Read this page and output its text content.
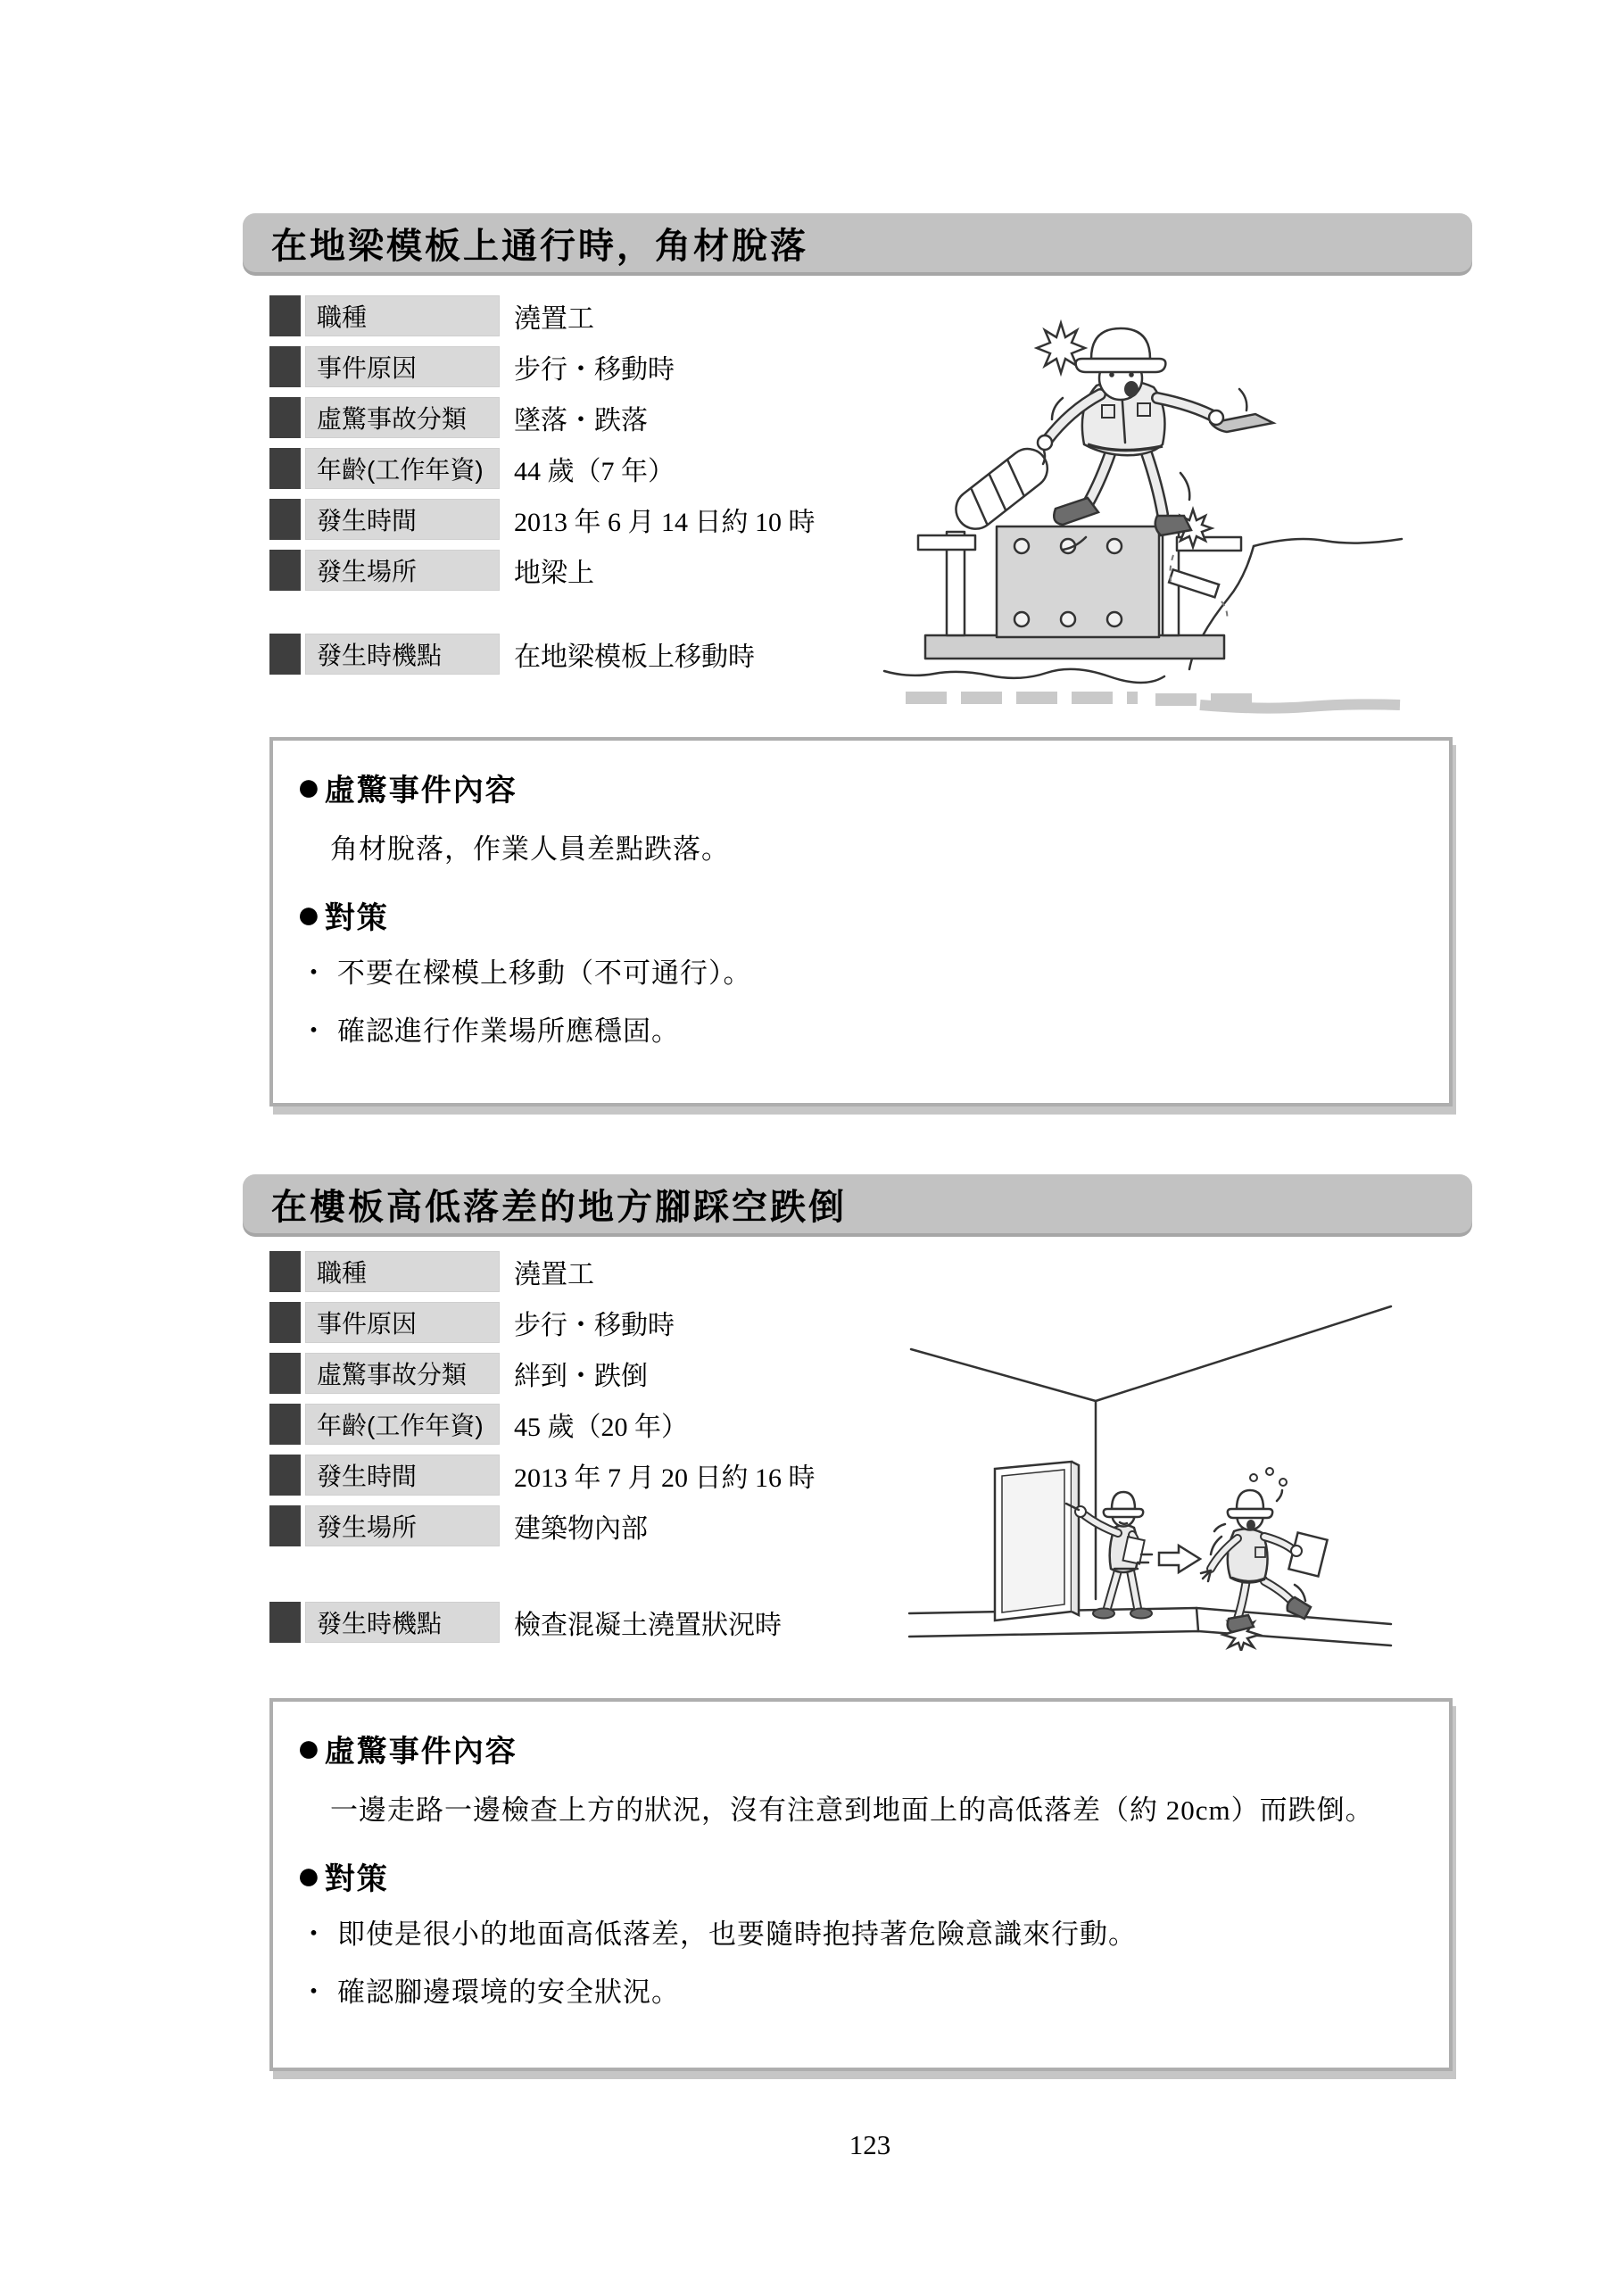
在地梁模板上通行時，角材脫落
職種	澆置工
事件原因	步行・移動時
虛驚事故分類	墜落・跌落
年齡(工作年資)	44 歲（7 年）
發生時間	2013 年 6 月 14 日約 10 時
發生場所	地梁上
發生時機點	在地梁模板上移動時
● 虛驚事件內容
角材脫落，作業人員差點跌落。
● 對策
・ 不要在樑模上移動（不可通行）。
・ 確認進行作業場所應穩固。
在樓板高低落差的地方腳踩空跌倒
職種	澆置工
事件原因	步行・移動時
虛驚事故分類	絆到・跌倒
年齡(工作年資)	45 歲（20 年）
發生時間	2013 年 7 月 20 日約 16 時
發生場所	建築物內部
發生時機點	檢查混凝土澆置狀況時
● 虛驚事件內容
一邊走路一邊檢查上方的狀況，沒有注意到地面上的高低落差（約 20cm）而跌倒。
● 對策
・ 即使是很小的地面高低落差，也要隨時抱持著危險意識來行動。
・ 確認腳邊環境的安全狀況。
123
